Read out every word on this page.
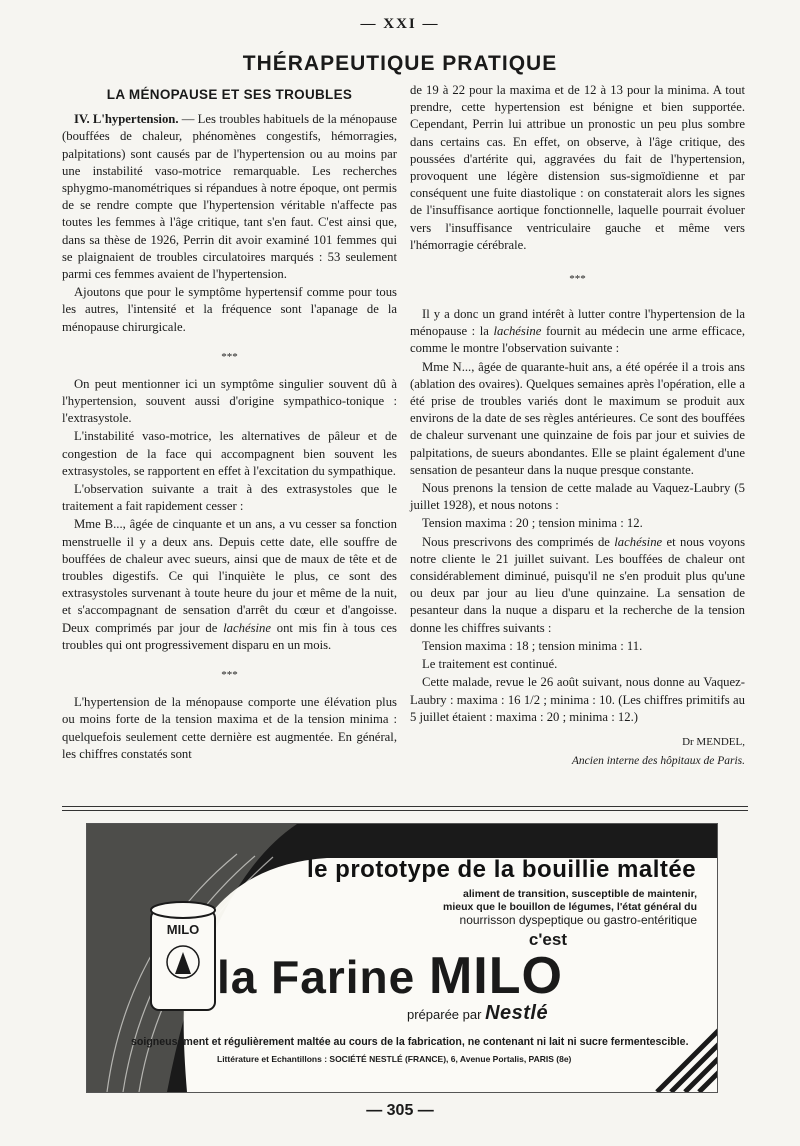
— XXI —
THÉRAPEUTIQUE PRATIQUE
LA MÉNOPAUSE ET SES TROUBLES

IV. L'hypertension. — Les troubles habituels de la ménopause (bouffées de chaleur, phénomènes congestifs, hémorragies, palpitations) sont causés par de l'hypertension ou au moins par une instabilité vaso-motrice remarquable. Les recherches sphygmo-manométriques si répandues à notre époque, ont permis de se rendre compte que l'hypertension véritable n'affecte pas toutes les femmes à l'âge critique, tant s'en faut. C'est ainsi que, dans sa thèse de 1926, Perrin dit avoir examiné 101 femmes qui se plaignaient de troubles circulatoires marqués : 53 seulement parmi ces femmes avaient de l'hypertension.

Ajoutons que pour le symptôme hypertensif comme pour tous les autres, l'intensité et la fréquence sont l'apanage de la ménopause chirurgicale.

***

On peut mentionner ici un symptôme singulier souvent dû à l'hypertension, souvent aussi d'origine sympathico-tonique : l'extrasystole.

L'instabilité vaso-motrice, les alternatives de pâleur et de congestion de la face qui accompagnent bien souvent les extrasystoles, se rapportent en effet à l'excitation du sympathique.

L'observation suivante a trait à des extrasystoles que le traitement a fait rapidement cesser :

Mme B..., âgée de cinquante et un ans, a vu cesser sa fonction menstruelle il y a deux ans. Depuis cette date, elle souffre de bouffées de chaleur avec sueurs, ainsi que de maux de tête et de troubles digestifs. Ce qui l'inquiète le plus, ce sont des extrasystoles survenant à toute heure du jour et même de la nuit, et s'accompagnant de sensation d'arrêt du cœur et d'angoisse. Deux comprimés par jour de lachésine ont mis fin à tous ces troubles qui ont progressivement disparu en un mois.

***

L'hypertension de la ménopause comporte une élévation plus ou moins forte de la tension maxima et de la tension minima : quelquefois seulement cette dernière est augmentée. En général, les chiffres constatés sont

de 19 à 22 pour la maxima et de 12 à 13 pour la minima. A tout prendre, cette hypertension est bénigne et bien supportée. Cependant, Perrin lui attribue un pronostic un peu plus sombre dans certains cas. En effet, on observe, à l'âge critique, des poussées d'artérite qui, aggravées du fait de l'hypertension, provoquent une légère distension sus-sigmoïdienne et par conséquent une fuite diastolique : on constaterait alors les signes de l'insuffisance aortique fonctionnelle, laquelle pourrait évoluer vers l'insuffisance ventriculaire gauche et même vers l'hémorragie cérébrale.

***

Il y a donc un grand intérêt à lutter contre l'hypertension de la ménopause : la lachésine fournit au médecin une arme efficace, comme le montre l'observation suivante :

Mme N..., âgée de quarante-huit ans, a été opérée il a trois ans (ablation des ovaires). Quelques semaines après l'opération, elle a été prise de troubles variés dont le maximum se produit aux environs de la date de ses règles antérieures. Ce sont des bouffées de chaleur survenant une quinzaine de fois par jour et suivies de palpitations, de sueurs abondantes. Elle se plaint également d'une sensation de pesanteur dans la nuque presque constante.

Nous prenons la tension de cette malade au Vaquez-Laubry (5 juillet 1928), et nous notons :

Tension maxima : 20 ; tension minima : 12.

Nous prescrivons des comprimés de lachésine et nous voyons notre cliente le 21 juillet suivant. Les bouffées de chaleur ont considérablement diminué, puisqu'il ne s'en produit plus qu'une ou deux par jour au lieu d'une quinzaine. La sensation de pesanteur dans la nuque a disparu et la recherche de la tension donne les chiffres suivants :

Tension maxima : 18 ; tension minima : 11.

Le traitement est continué.

Cette malade, revue le 26 août suivant, nous donne au Vaquez-Laubry : maxima : 16 1/2 ; minima : 10. (Les chiffres primitifs au 5 juillet étaient : maxima : 20 ; minima : 12.)

Dr MENDEL,
Ancien interne des hôpitaux de Paris.
MILO
le prototype de la bouillie maltée
aliment de transition, susceptible de maintenir,
mieux que le bouillon de légumes, l'état général du
nourrisson dyspeptique ou gastro-entéritique
c'est
la Farine MILO
préparée par Nestlé
soigneusement et régulièrement maltée au cours de la fabrication, ne contenant ni lait ni sucre fermentescible.
Littérature et Echantillons : SOCIÉTÉ NESTLÉ (FRANCE), 6, Avenue Portalis, PARIS (8e)
— 305 —
